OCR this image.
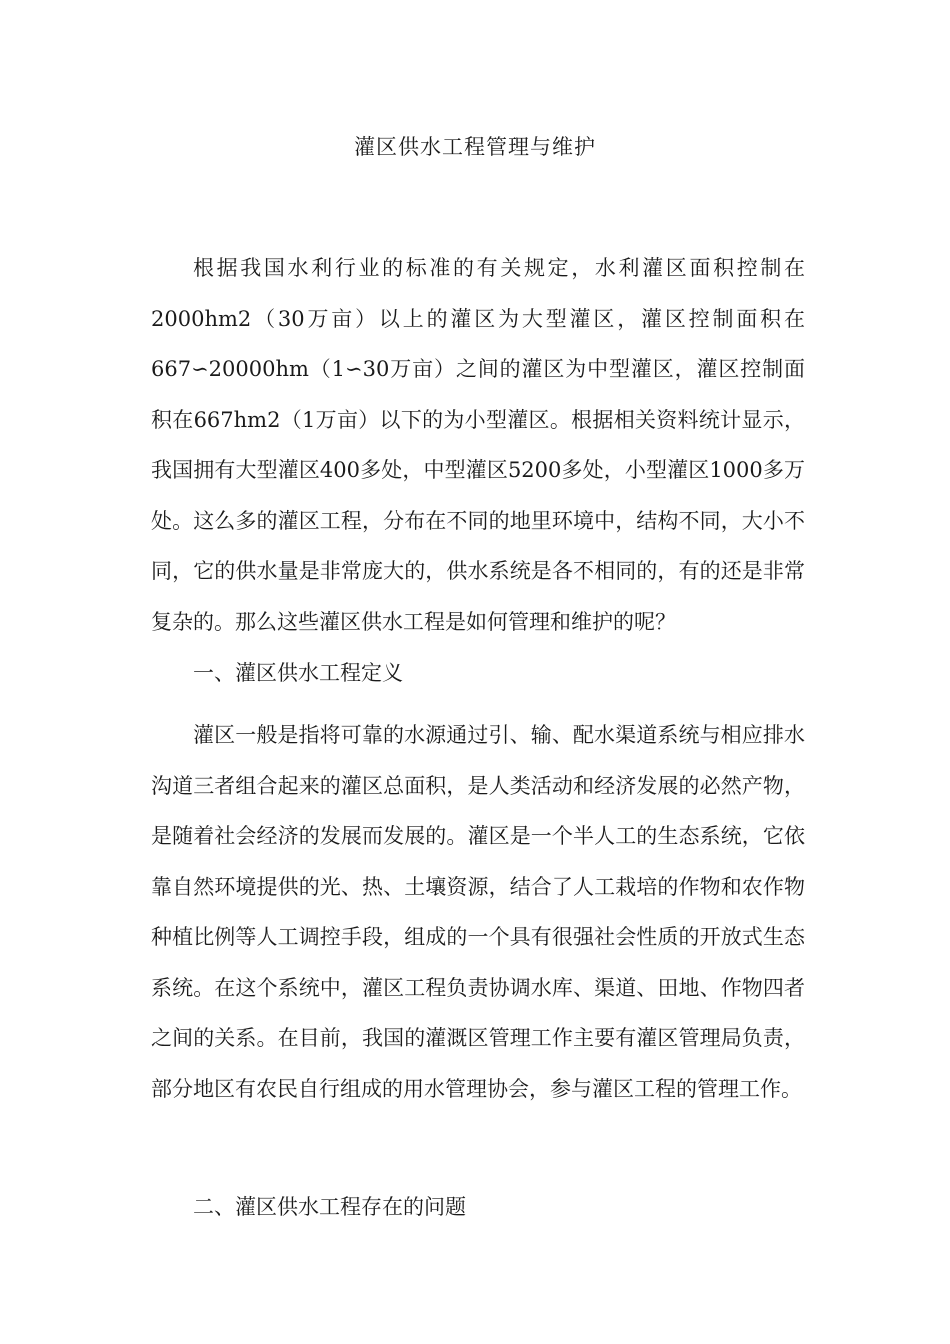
灌区供水工程管理与维护

根据我国水利行业的标准的有关规定，水利灌区面积控制在2000hm2（30万亩）以上的灌区为大型灌区，灌区控制面积在667∽20000hm（1∽30万亩）之间的灌区为中型灌区，灌区控制面积在667hm2（1万亩）以下的为小型灌区。根据相关资料统计显示，我国拥有大型灌区400多处，中型灌区5200多处，小型灌区1000多万处。这么多的灌区工程，分布在不同的地里环境中，结构不同，大小不同，它的供水量是非常庞大的，供水系统是各不相同的，有的还是非常复杂的。那么这些灌区供水工程是如何管理和维护的呢？

一、灌区供水工程定义

灌区一般是指将可靠的水源通过引、输、配水渠道系统与相应排水沟道三者组合起来的灌区总面积，是人类活动和经济发展的必然产物，是随着社会经济的发展而发展的。灌区是一个半人工的生态系统，它依靠自然环境提供的光、热、土壤资源，结合了人工栽培的作物和农作物种植比例等人工调控手段，组成的一个具有很强社会性质的开放式生态系统。在这个系统中，灌区工程负责协调水库、渠道、田地、作物四者之间的关系。在目前，我国的灌溉区管理工作主要有灌区管理局负责，部分地区有农民自行组成的用水管理协会，参与灌区工程的管理工作。

二、灌区供水工程存在的问题
